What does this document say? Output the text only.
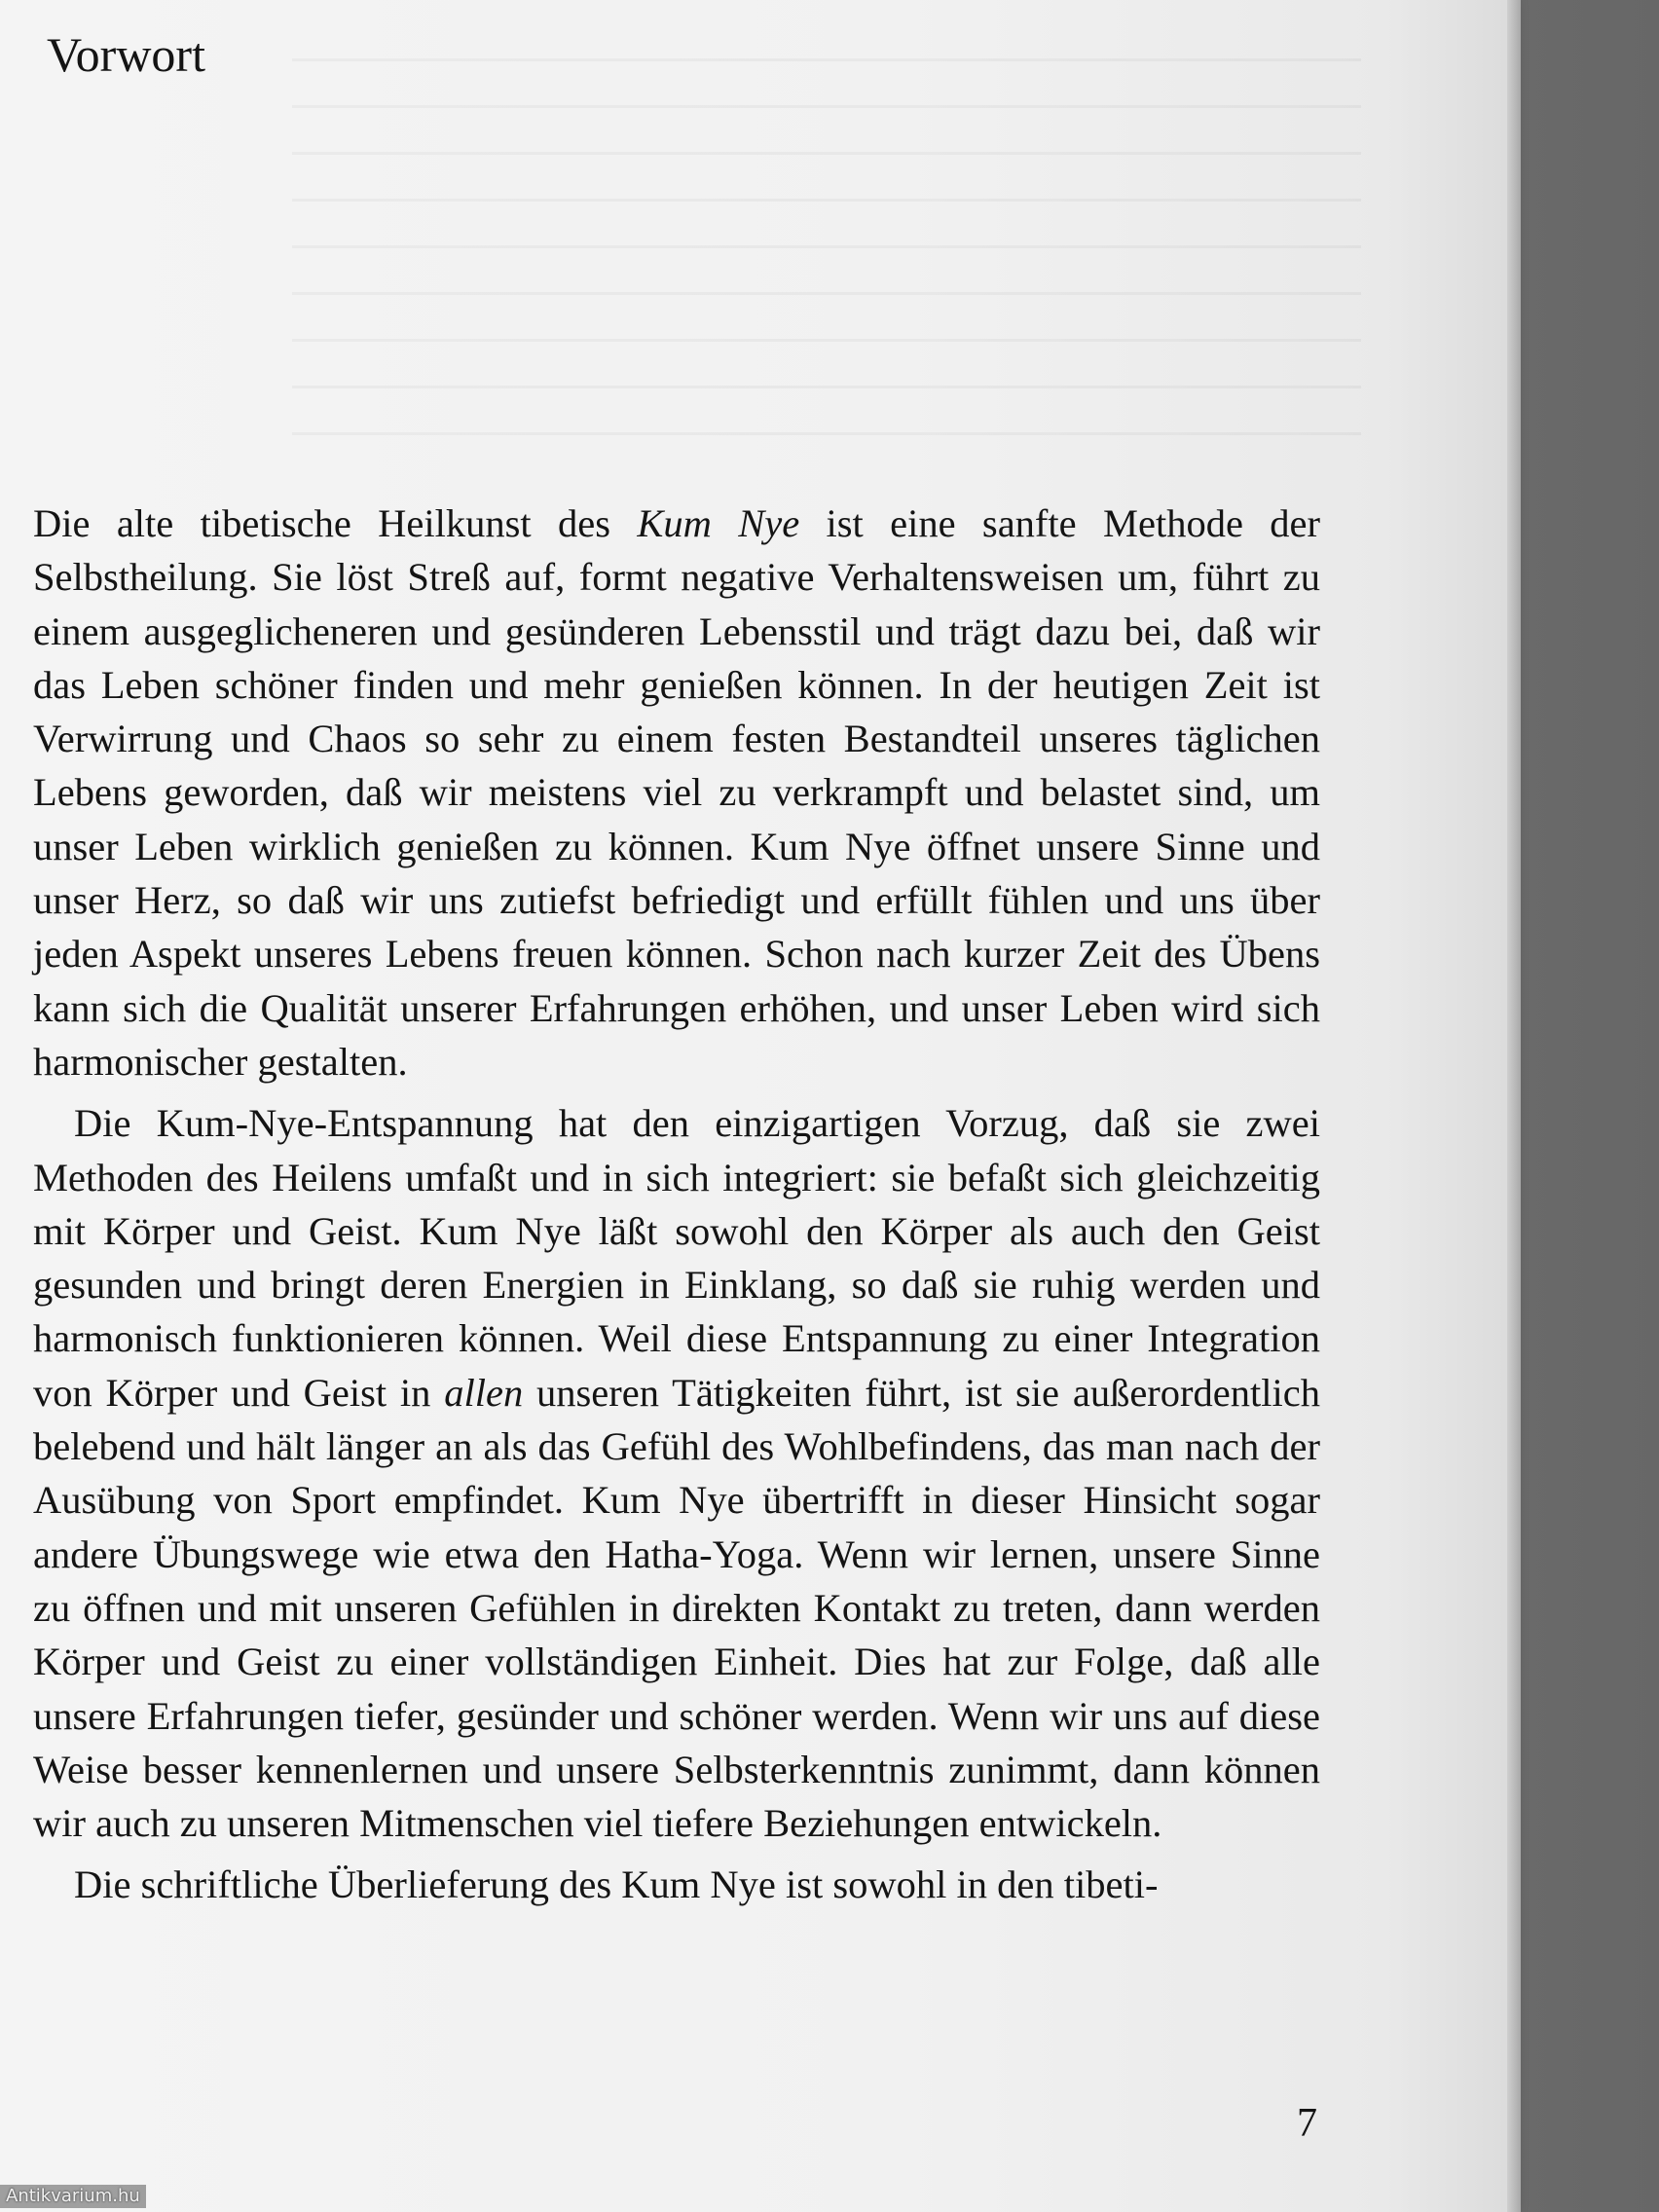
Vorwort

Die alte tibetische Heilkunst des Kum Nye ist eine sanfte Methode der Selbstheilung. Sie löst Streß auf, formt negative Verhaltensweisen um, führt zu einem ausgeglicheneren und gesünderen Lebensstil und trägt dazu bei, daß wir das Leben schöner finden und mehr genießen können. In der heutigen Zeit ist Verwirrung und Chaos so sehr zu einem festen Bestandteil unseres täglichen Lebens geworden, daß wir meistens viel zu verkrampft und belastet sind, um unser Leben wirklich genießen zu können. Kum Nye öffnet unsere Sinne und unser Herz, so daß wir uns zutiefst befriedigt und erfüllt fühlen und uns über jeden Aspekt unseres Lebens freuen können. Schon nach kurzer Zeit des Übens kann sich die Qualität unserer Erfahrungen erhöhen, und unser Leben wird sich harmonischer gestalten.

Die Kum-Nye-Entspannung hat den einzigartigen Vorzug, daß sie zwei Methoden des Heilens umfaßt und in sich integriert: sie befaßt sich gleichzeitig mit Körper und Geist. Kum Nye läßt sowohl den Körper als auch den Geist gesunden und bringt deren Energien in Einklang, so daß sie ruhig werden und harmonisch funktionieren können. Weil diese Entspannung zu einer Integration von Körper und Geist in allen unseren Tätigkeiten führt, ist sie außerordentlich belebend und hält länger an als das Gefühl des Wohlbefindens, das man nach der Ausübung von Sport empfindet. Kum Nye übertrifft in dieser Hinsicht sogar andere Übungswege wie etwa den Hatha-Yoga. Wenn wir lernen, unsere Sinne zu öffnen und mit unseren Gefühlen in direkten Kontakt zu treten, dann werden Körper und Geist zu einer vollständigen Einheit. Dies hat zur Folge, daß alle unsere Erfahrungen tiefer, gesünder und schöner werden. Wenn wir uns auf diese Weise besser kennenlernen und unsere Selbsterkenntnis zunimmt, dann können wir auch zu unseren Mitmenschen viel tiefere Beziehungen entwickeln.

Die schriftliche Überlieferung des Kum Nye ist sowohl in den tibeti-

7
Antikvarium.hu
